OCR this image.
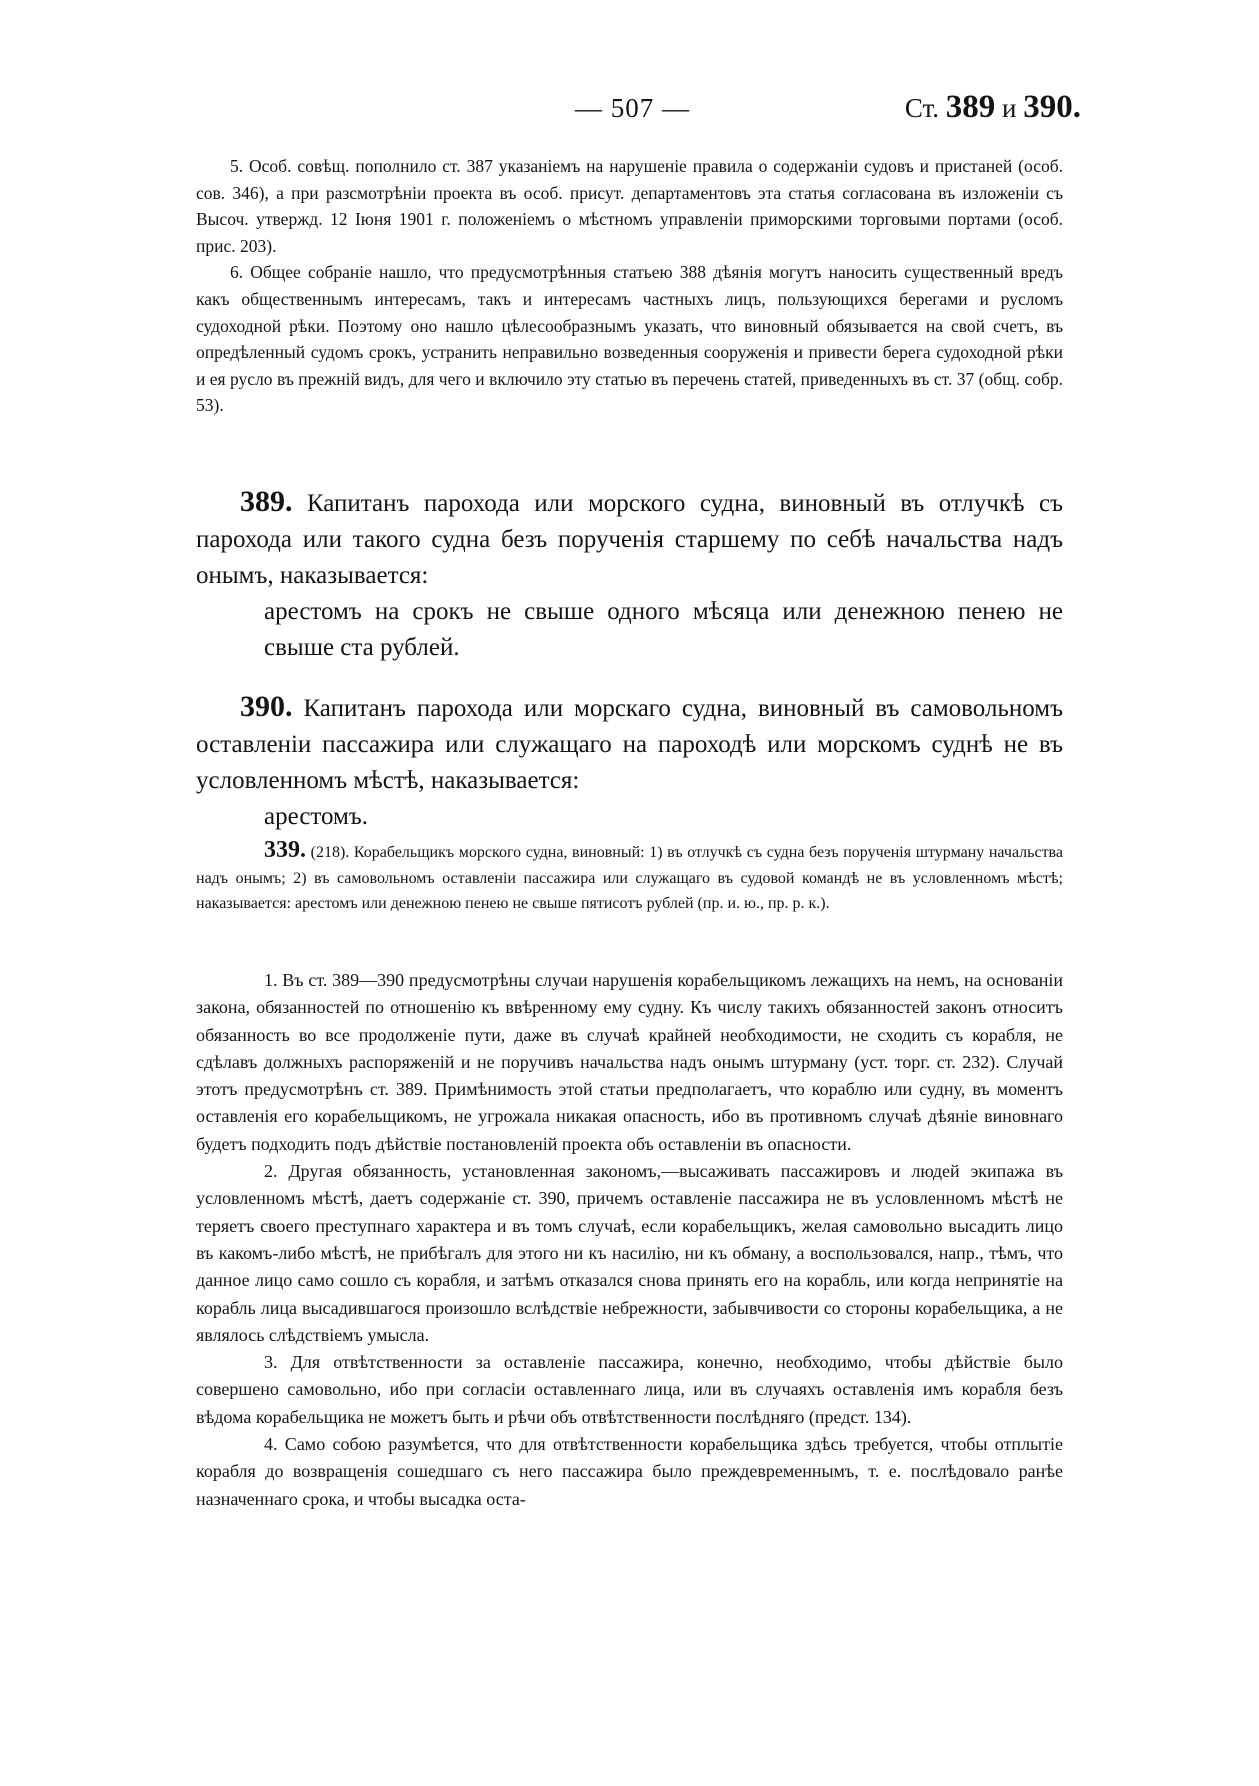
— 507 —	Ст. 389 и 390.

5. Особ. совѣщ. пополнило ст. 387 указаніемъ на нарушеніе правила о содержаніи судовъ и пристаней (особ. сов. 346), а при разсмотрѣніи проекта въ особ. присут. департаментовъ эта статья согласована въ изложеніи съ Высоч. утвержд. 12 Іюня 1901 г. положеніемъ о мѣстномъ управленіи приморскими торговыми портами (особ. прис. 203).

6. Общее собраніе нашло, что предусмотрѣнныя статьею 388 дѣянія могутъ наносить существенный вредъ какъ общественнымъ интересамъ, такъ и интересамъ частныхъ лицъ, пользующихся берегами и русломъ судоходной рѣки. Поэтому оно нашло цѣлесообразнымъ указать, что виновный обязывается на свой счетъ, въ опредѣленный судомъ срокъ, устранить неправильно возведенныя сооруженія и привести берега судоходной рѣки и ея русло въ прежній видъ, для чего и включило эту статью въ перечень статей, приведенныхъ въ ст. 37 (общ. собр. 53).

389. Капитанъ парохода или морского судна, виновный въ отлучкѣ съ парохода или такого судна безъ порученія старшему по себѣ начальства надъ онымъ, наказывается:

арестомъ на срокъ не свыше одного мѣсяца или денежною пенею не свыше ста рублей.

390. Капитанъ парохода или морскаго судна, виновный въ самовольномъ оставленіи пассажира или служащаго на пароходѣ или морскомъ суднѣ не въ условленномъ мѣстѣ, наказывается:

арестомъ.

339. (218). Корабельщикъ морского судна, виновный: 1) въ отлучкѣ съ судна безъ порученія штурману начальства надъ онымъ; 2) въ самовольномъ оставленіи пассажира или служащаго въ судовой командѣ не въ условленномъ мѣстѣ; наказывается: арестомъ или денежною пенею не свыше пятисотъ рублей (пр. и. ю., пр. р. к.).

1. Въ ст. 389—390 предусмотрѣны случаи нарушенія корабельщикомъ лежащихъ на немъ, на основаніи закона, обязанностей по отношенію къ ввѣренному ему судну. Къ числу такихъ обязанностей законъ относитъ обязанность во все продолженіе пути, даже въ случаѣ крайней необходимости, не сходить съ корабля, не сдѣлавъ должныхъ распоряженій и не поручивъ начальства надъ онымъ штурману (уст. торг. ст. 232). Случай этотъ предусмотрѣнъ ст. 389. Примѣнимость этой статьи предполагаетъ, что кораблю или судну, въ моментъ оставленія его корабельщикомъ, не угрожала никакая опасность, ибо въ противномъ случаѣ дѣяніе виновнаго будетъ подходить подъ дѣйствіе постановленій проекта объ оставленіи въ опасности.

2. Другая обязанность, установленная закономъ,—высаживать пассажировъ и людей экипажа въ условленномъ мѣстѣ, даетъ содержаніе ст. 390, причемъ оставленіе пассажира не въ условленномъ мѣстѣ не теряетъ своего преступнаго характера и въ томъ случаѣ, если корабельщикъ, желая самовольно высадить лицо въ какомъ-либо мѣстѣ, не прибѣгалъ для этого ни къ насилію, ни къ обману, а воспользовался, напр., тѣмъ, что данное лицо само сошло съ корабля, и затѣмъ отказался снова принять его на корабль, или когда непринятіе на корабль лица высадившагося произошло вслѣдствіе небрежности, забывчивости со стороны корабельщика, а не являлось слѣдствіемъ умысла.

3. Для отвѣтственности за оставленіе пассажира, конечно, необходимо, чтобы дѣйствіе было совершено самовольно, ибо при согласіи оставленнаго лица, или въ случаяхъ оставленія имъ корабля безъ вѣдома корабельщика не можетъ быть и рѣчи объ отвѣтственности послѣдняго (предст. 134).

4. Само собою разумѣется, что для отвѣтственности корабельщика здѣсь требуется, чтобы отплытіе корабля до возвращенія сошедшаго съ него пассажира было преждевременнымъ, т. е. послѣдовало ранѣе назначеннаго срока, и чтобы высадка оста-
